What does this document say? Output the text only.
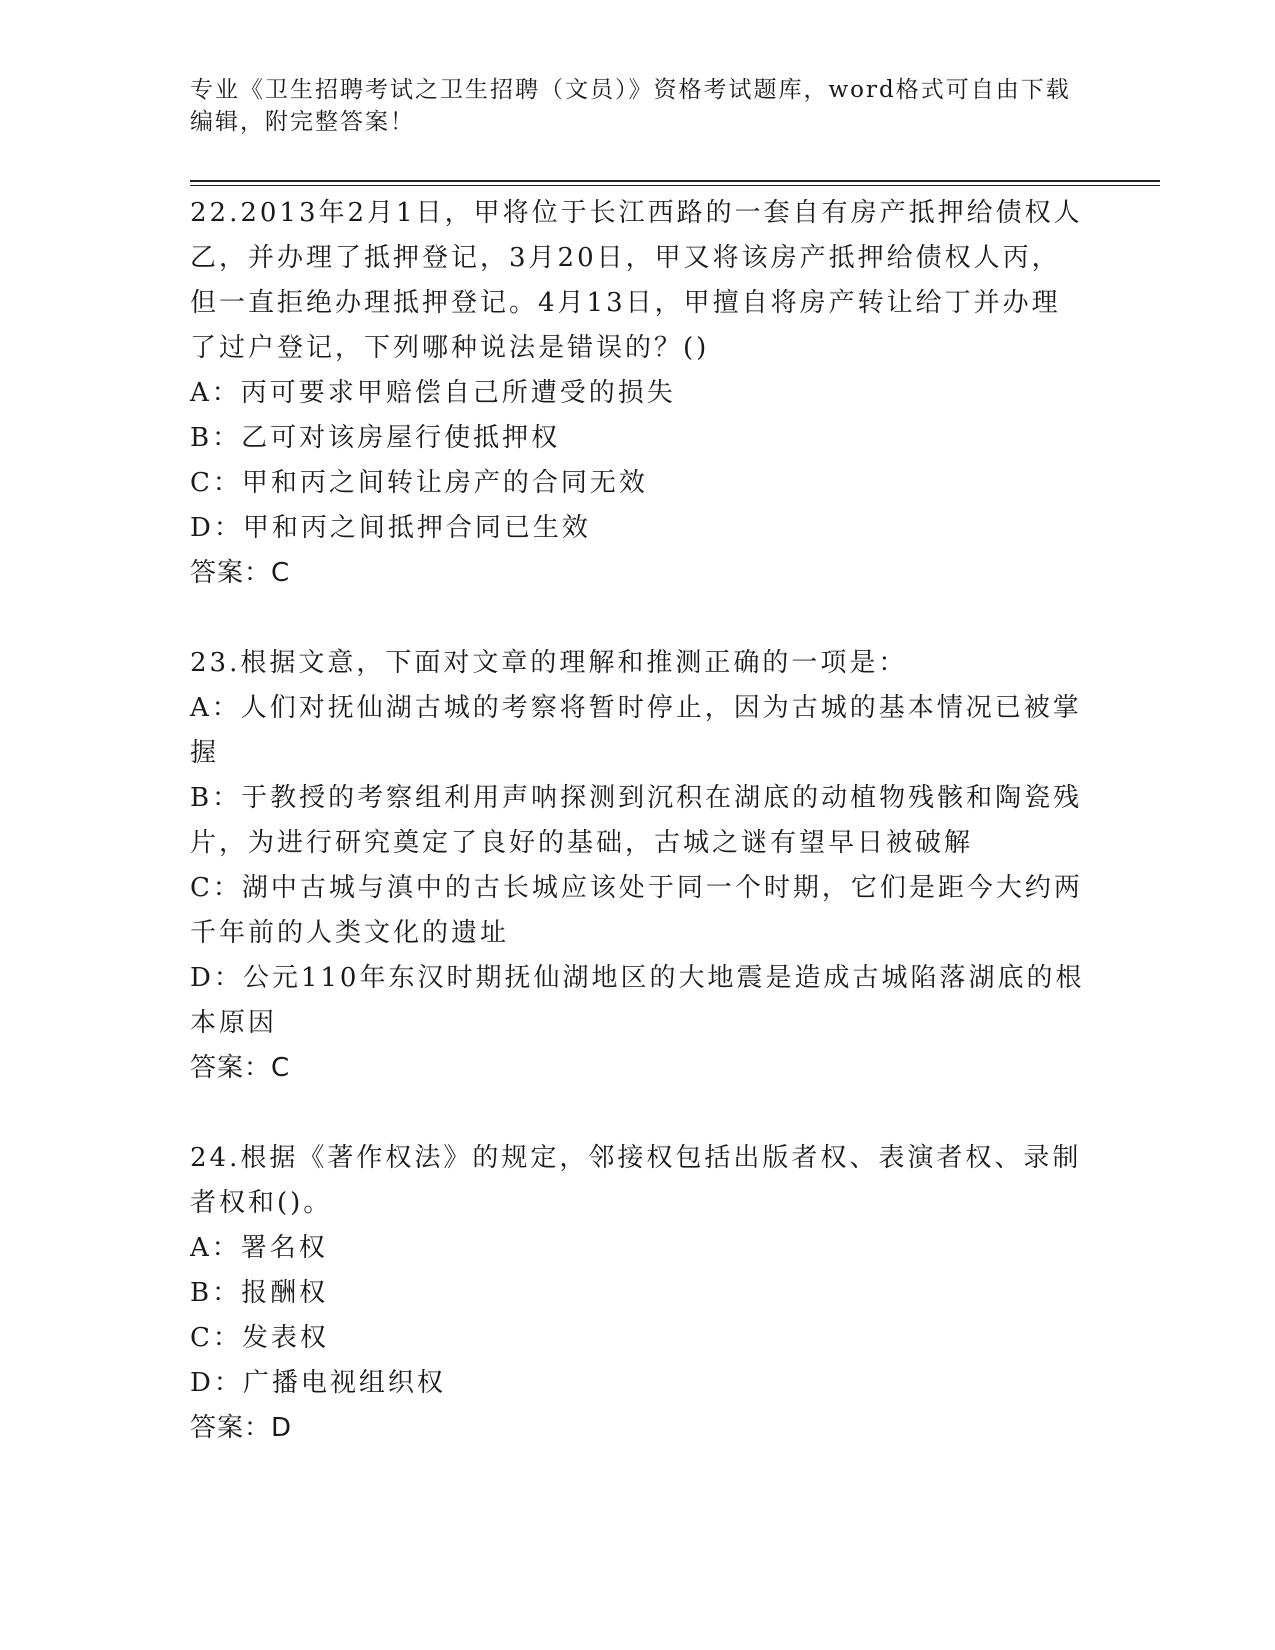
专业《卫生招聘考试之卫生招聘（文员）》资格考试题库，word格式可自由下载

编辑，附完整答案！

22.2013年2月1日，甲将位于长江西路的一套自有房产抵押给债权人

乙，并办理了抵押登记，3月20日，甲又将该房产抵押给债权人丙，

但一直拒绝办理抵押登记。4月13日，甲擅自将房产转让给丁并办理

了过户登记，下列哪种说法是错误的？()

A：丙可要求甲赔偿自己所遭受的损失

B：乙可对该房屋行使抵押权

C：甲和丙之间转让房产的合同无效

D：甲和丙之间抵押合同已生效

答案：C

23.根据文意，下面对文章的理解和推测正确的一项是：

A：人们对抚仙湖古城的考察将暂时停止，因为古城的基本情况已被掌

握

B：于教授的考察组利用声呐探测到沉积在湖底的动植物残骸和陶瓷残

片，为进行研究奠定了良好的基础，古城之谜有望早日被破解

C：湖中古城与滇中的古长城应该处于同一个时期，它们是距今大约两

千年前的人类文化的遗址

D：公元110年东汉时期抚仙湖地区的大地震是造成古城陷落湖底的根

本原因

答案：C

24.根据《著作权法》的规定，邻接权包括出版者权、表演者权、录制

者权和()。

A：署名权

B：报酬权

C：发表权

D：广播电视组织权

答案：D
